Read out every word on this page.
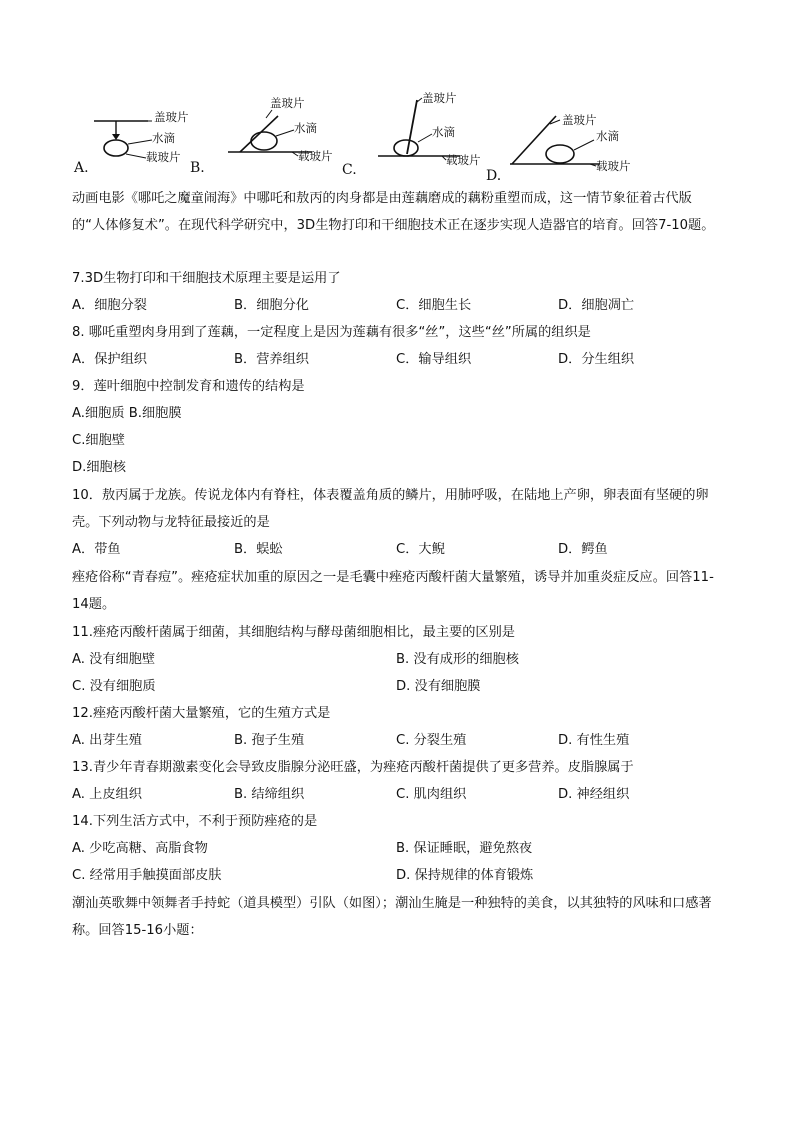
盖玻片
水滴
载玻片
A.
盖玻片
水滴
载玻片
B.
盖玻片
水滴
载玻片
C.
盖玻片
水滴
载玻片
D.
动画电影《哪吒之魔童闹海》中哪吒和敖丙的肉身都是由莲藕磨成的藕粉重塑而成，这一情节象征着古代版的“人体修复术”。在现代科学研究中，3D生物打印和干细胞技术正在逐步实现人造器官的培育。回答7-10题。
7.3D生物打印和干细胞技术原理主要是运用了
A．细胞分裂	B．细胞分化	C．细胞生长	D．细胞凋亡
8. 哪吒重塑肉身用到了莲藕，一定程度上是因为莲藕有很多“丝”，这些“丝”所属的组织是
A．保护组织	B．营养组织	C．输导组织	D．分生组织
9．莲叶细胞中控制发育和遗传的结构是
A.细胞质 B.细胞膜
C.细胞壁
D.细胞核
10．敖丙属于龙族。传说龙体内有脊柱，体表覆盖角质的鳞片，用肺呼吸，在陆地上产卵，卵表面有坚硬的卵壳。下列动物与龙特征最接近的是
A．带鱼	B．蜈蚣	C．大鲵	D．鳄鱼
痤疮俗称“青春痘”。痤疮症状加重的原因之一是毛囊中痤疮丙酸杆菌大量繁殖，诱导并加重炎症反应。回答11-14题。
11.痤疮丙酸杆菌属于细菌，其细胞结构与酵母菌细胞相比，最主要的区别是
A. 没有细胞壁	B. 没有成形的细胞核
C. 没有细胞质	D. 没有细胞膜
12.痤疮丙酸杆菌大量繁殖，它的生殖方式是
A. 出芽生殖	B. 孢子生殖	C. 分裂生殖	D. 有性生殖
13.青少年青春期激素变化会导致皮脂腺分泌旺盛，为痤疮丙酸杆菌提供了更多营养。皮脂腺属于
A. 上皮组织	B. 结缔组织	C. 肌肉组织	D. 神经组织
14.下列生活方式中，不利于预防痤疮的是
A. 少吃高糖、高脂食物	B. 保证睡眠，避免熬夜
C. 经常用手触摸面部皮肤	D. 保持规律的体育锻炼
潮汕英歌舞中领舞者手持蛇（道具模型）引队（如图）；潮汕生腌是一种独特的美食，以其独特的风味和口感著称。回答15-16小题：
